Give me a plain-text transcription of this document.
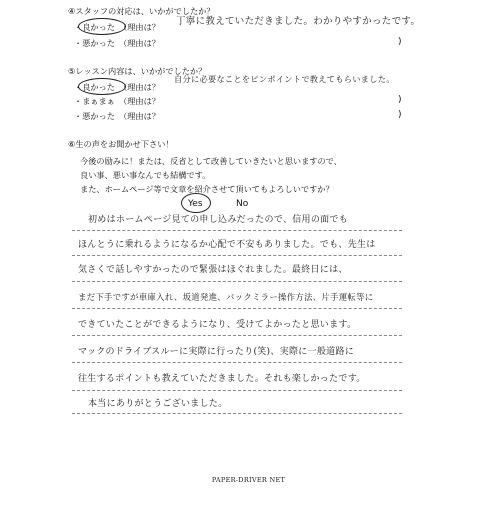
④スタッフの対応は、いかがでしたか？
・良かった　（理由は？ 丁寧に教えていただきました。わかりやすかったです。
・悪かった　（理由は？	)
⑤レッスン内容は、いかがでしたか？
・良かった　（理由は？
自分に必要なことをピンポイントで教えてもらいました。
・まぁまぁ　（理由は？	)
・悪かった　（理由は？	)
⑥生の声をお聞かせ下さい！
今後の励みに！または、反省として改善していきたいと思いますので、
良い事、悪い事なんでも結構です。
また、ホームページ等で文章を紹介させて頂いてもよろしいですか？
Yes	No
初めはホームページ見ての申し込みだったので、信用の面でも
ほんとうに乗れるようになるか心配で不安もありました。でも、先生は
気さくで話しやすかったので緊張はほぐれました。最終日には、
まだ下手ですが車庫入れ、坂道発進、バックミラー操作方法、片手運転等に
できていたことができるようになり、受けてよかったと思います。
マックのドライブスルーに実際に行ったり(笑)、実際に一般道路に
往生するポイントも教えていただきました。それも楽しかったです。
本当にありがとうございました。
PAPER-DRIVER NET
